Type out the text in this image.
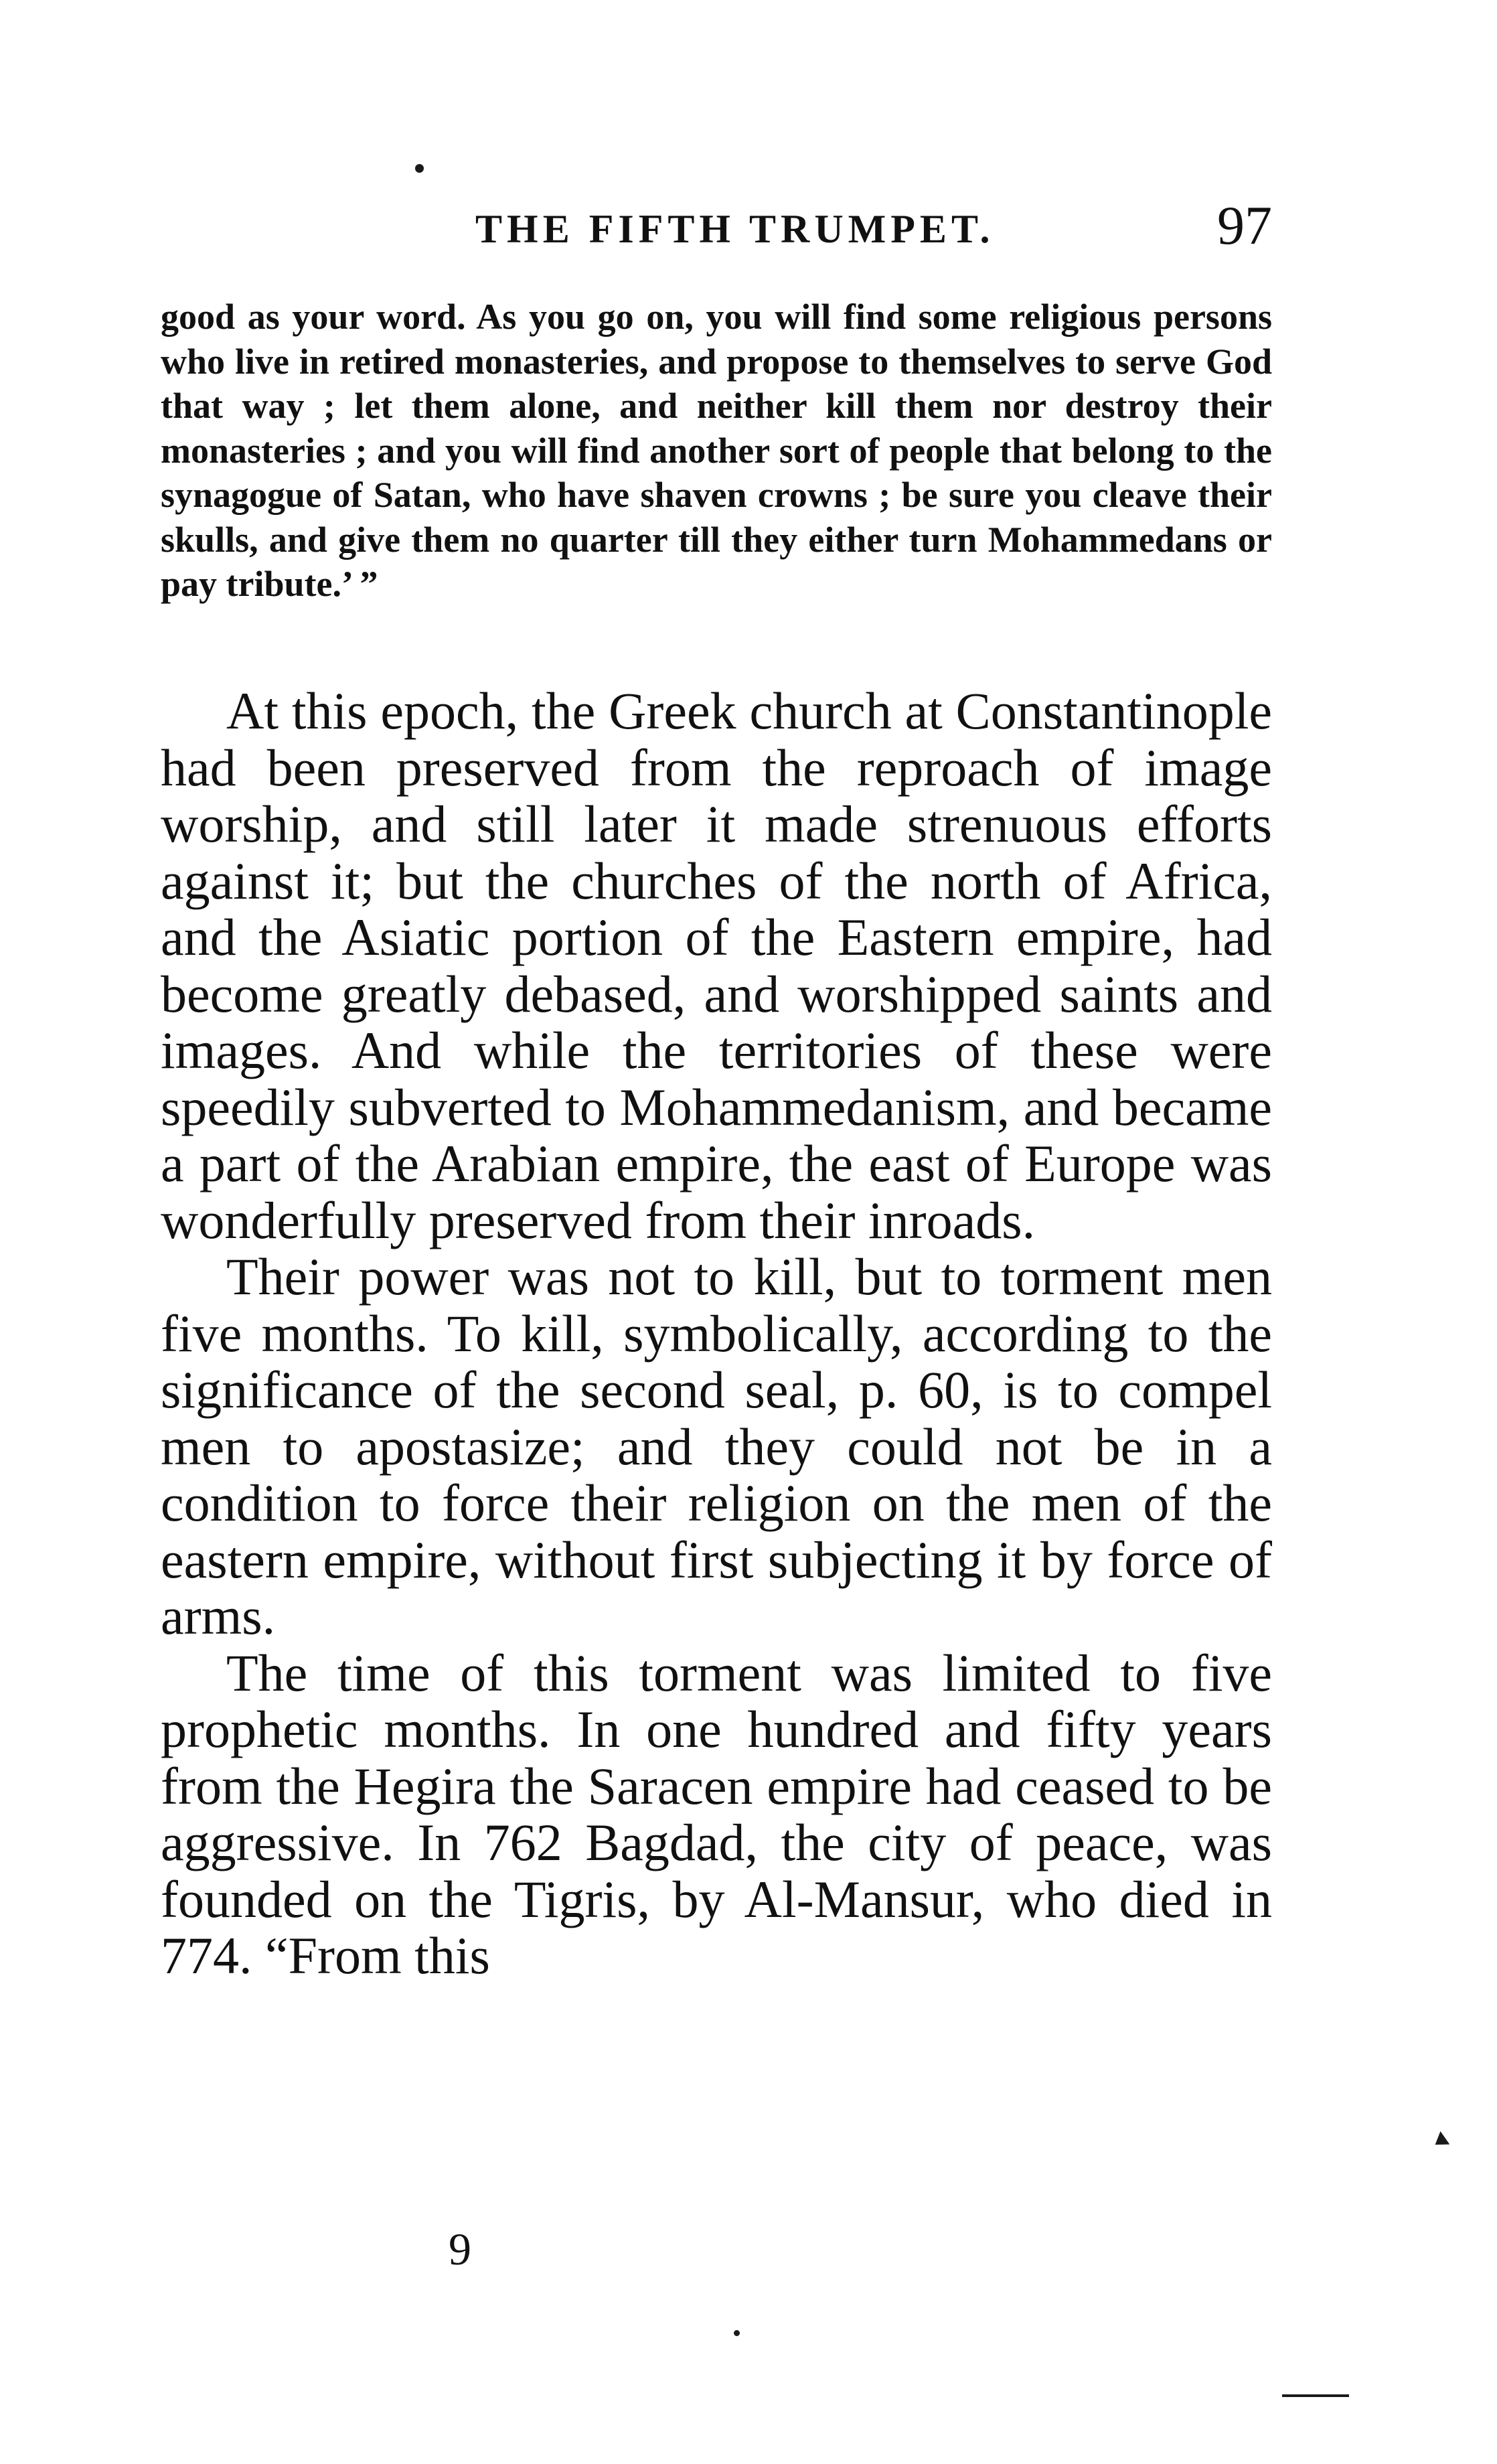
THE FIFTH TRUMPET.	97
good as your word. As you go on, you will find some religious persons who live in retired monasteries, and propose to themselves to serve God that way ; let them alone, and neither kill them nor destroy their monasteries ; and you will find another sort of people that belong to the synagogue of Satan, who have shaven crowns ; be sure you cleave their skulls, and give them no quarter till they either turn Mohammedans or pay tribute.’ ”

At this epoch, the Greek church at Constantinople had been preserved from the reproach of image worship, and still later it made strenuous efforts against it; but the churches of the north of Africa, and the Asiatic portion of the Eastern empire, had become greatly debased, and worshipped saints and images. And while the territories of these were speedily subverted to Mohammedanism, and became a part of the Arabian empire, the east of Europe was wonderfully preserved from their inroads.

Their power was not to kill, but to torment men five months. To kill, symbolically, according to the significance of the second seal, p. 60, is to compel men to apostasize; and they could not be in a condition to force their religion on the men of the eastern empire, without first subjecting it by force of arms.

The time of this torment was limited to five prophetic months. In one hundred and fifty years from the Hegira the Saracen empire had ceased to be aggressive. In 762 Bagdad, the city of peace, was founded on the Tigris, by Al-Mansur, who died in 774. “From this

9
